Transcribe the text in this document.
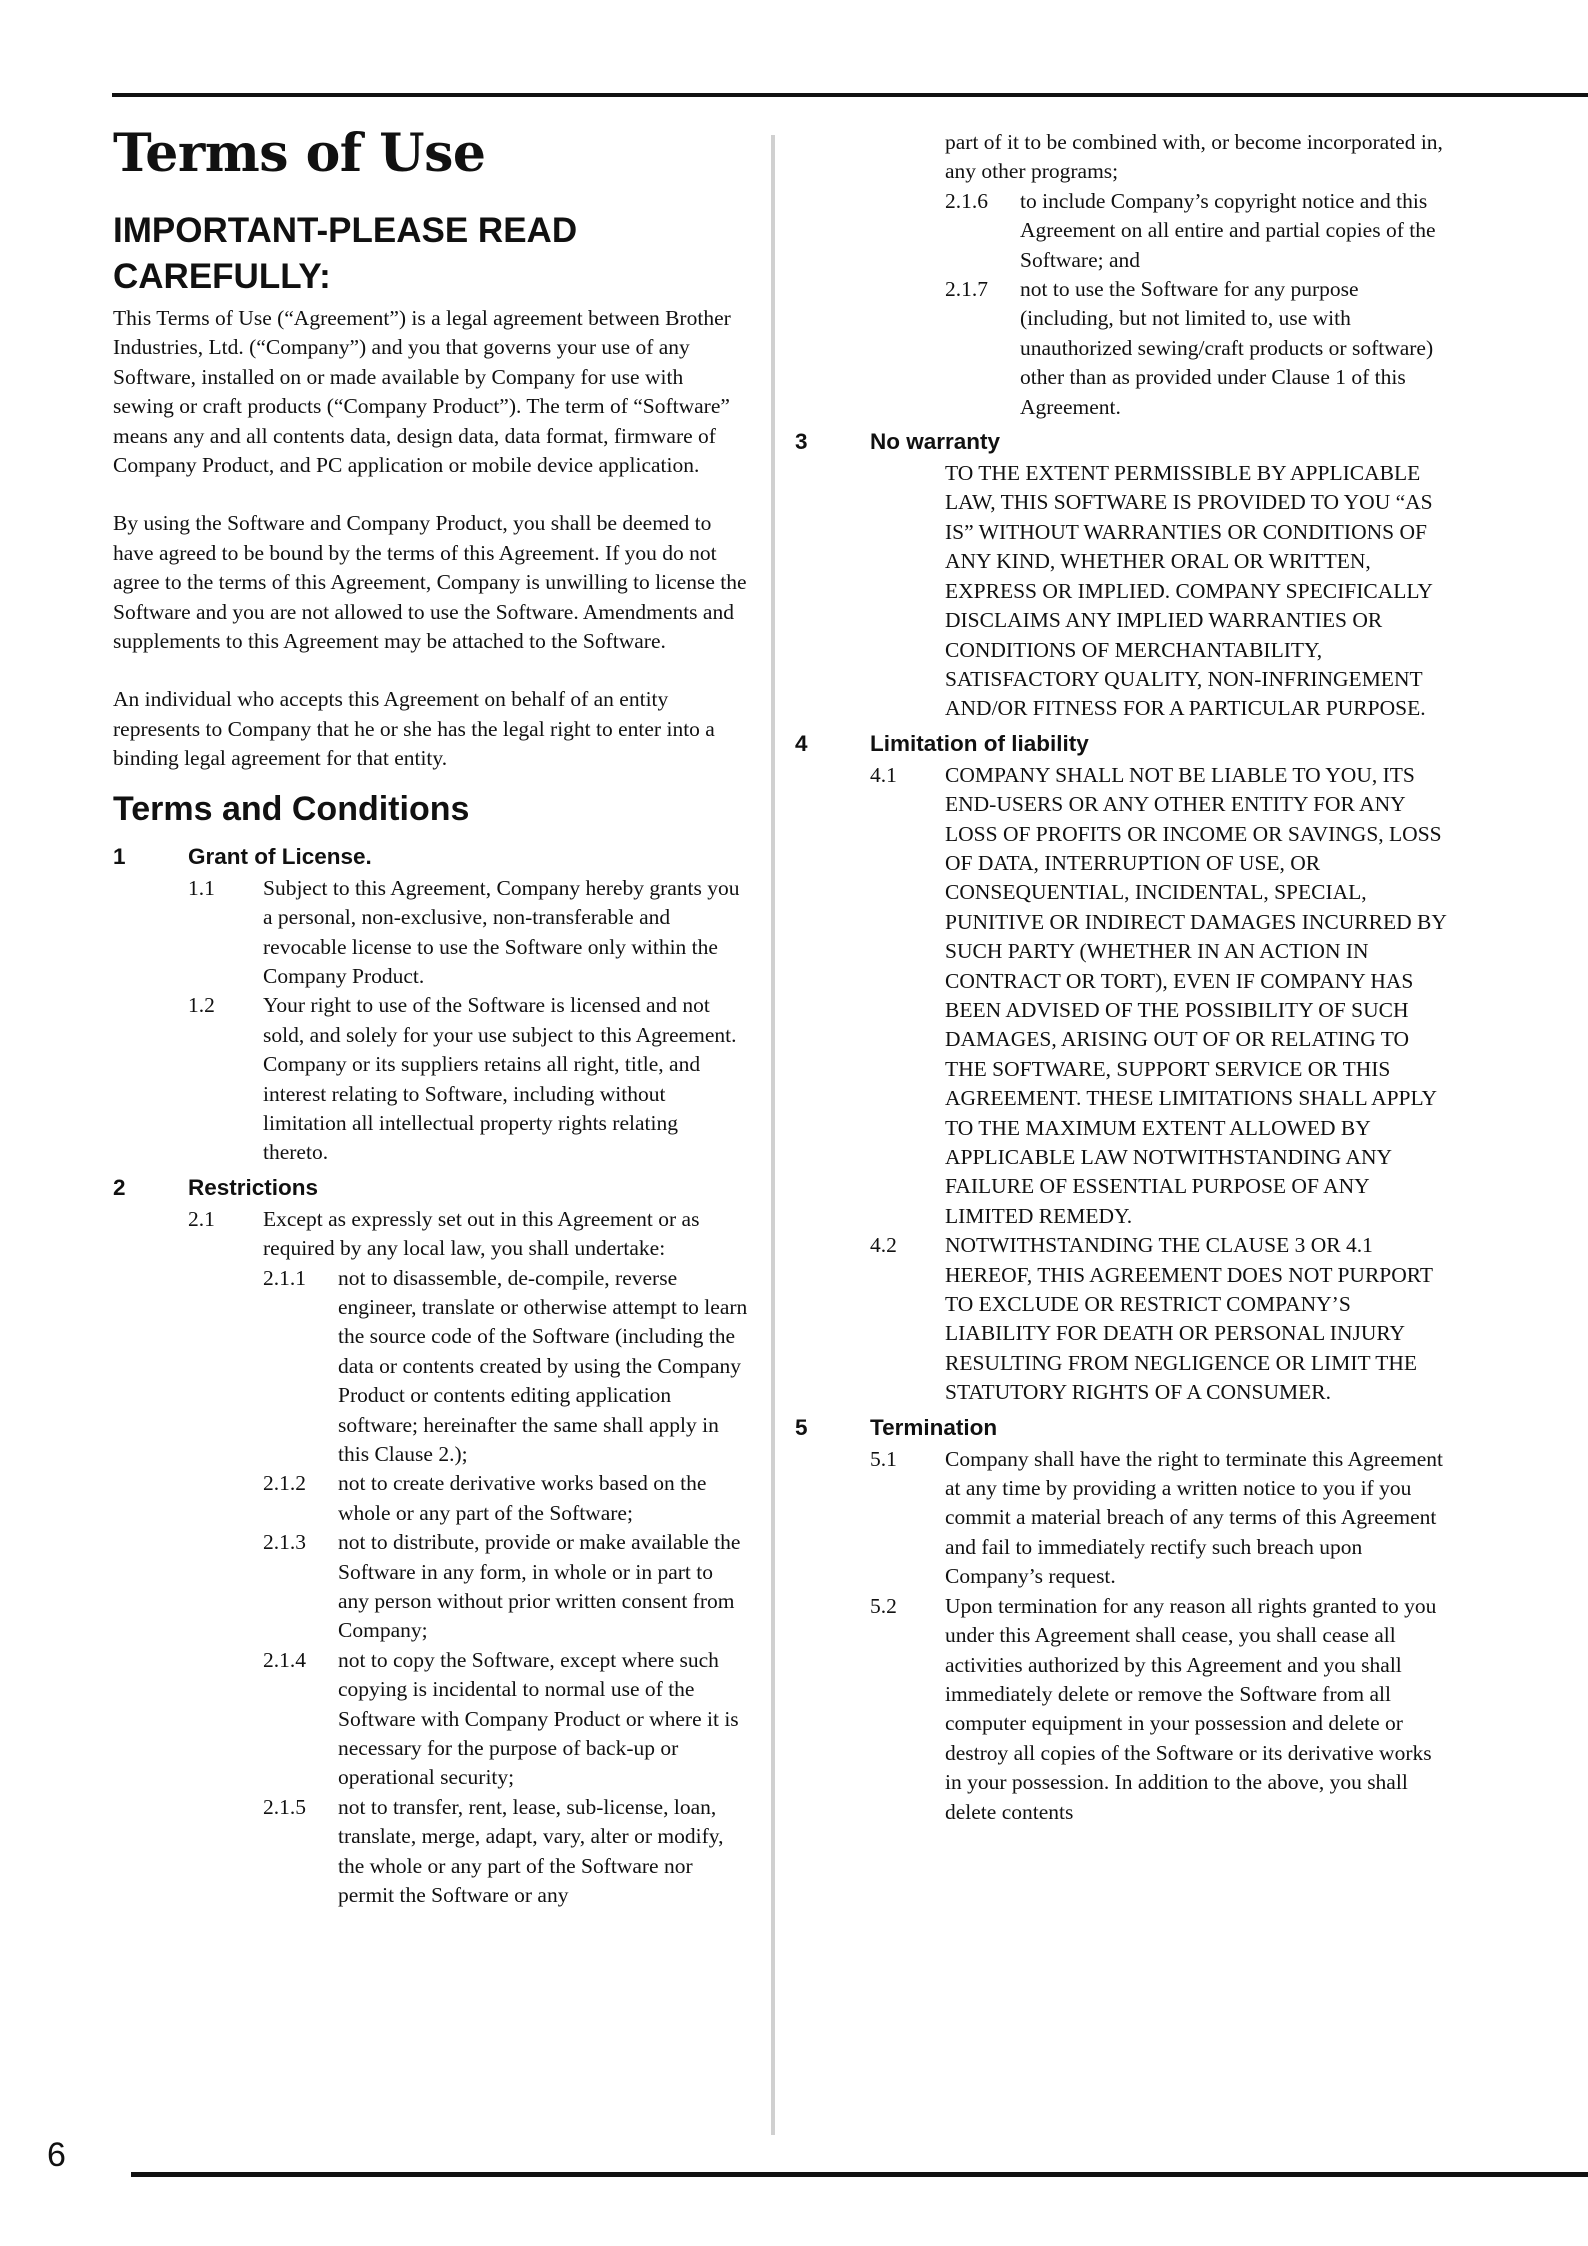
Terms of Use
IMPORTANT-PLEASE READ CAREFULLY:

This Terms of Use (“Agreement”) is a legal agreement between Brother Industries, Ltd. (“Company”) and you that governs your use of any Software, installed on or made available by Company for use with sewing or craft products (“Company Product”). The term of “Software” means any and all contents data, design data, data format, firmware of Company Product, and PC application or mobile device application.

By using the Software and Company Product, you shall be deemed to have agreed to be bound by the terms of this Agreement. If you do not agree to the terms of this Agreement, Company is unwilling to license the Software and you are not allowed to use the Software. Amendments and supplements to this Agreement may be attached to the Software.

An individual who accepts this Agreement on behalf of an entity represents to Company that he or she has the legal right to enter into a binding legal agreement for that entity.

Terms and Conditions
1	Grant of License.
1.1	Subject to this Agreement, Company hereby grants you a personal, non-exclusive, non-transferable and revocable license to use the Software only within the Company Product.
1.2	Your right to use of the Software is licensed and not sold, and solely for your use subject to this Agreement. Company or its suppliers retains all right, title, and interest relating to Software, including without limitation all intellectual property rights relating thereto.
2	Restrictions
2.1	Except as expressly set out in this Agreement or as required by any local law, you shall undertake:
2.1.1	not to disassemble, de-compile, reverse engineer, translate or otherwise attempt to learn the source code of the Software (including the data or contents created by using the Company Product or contents editing application software; hereinafter the same shall apply in this Clause 2.);
2.1.2	not to create derivative works based on the whole or any part of the Software;
2.1.3	not to distribute, provide or make available the Software in any form, in whole or in part to any person without prior written consent from Company;
2.1.4	not to copy the Software, except where such copying is incidental to normal use of the Software with Company Product or where it is necessary for the purpose of back-up or operational security;
2.1.5	not to transfer, rent, lease, sub-license, loan, translate, merge, adapt, vary, alter or modify, the whole or any part of the Software nor permit the Software or any
part of it to be combined with, or become incorporated in, any other programs;
2.1.6	to include Company’s copyright notice and this Agreement on all entire and partial copies of the Software; and
2.1.7	not to use the Software for any purpose (including, but not limited to, use with unauthorized sewing/craft products or software) other than as provided under Clause 1 of this Agreement.
3	No warranty
TO THE EXTENT PERMISSIBLE BY APPLICABLE LAW, THIS SOFTWARE IS PROVIDED TO YOU “AS IS” WITHOUT WARRANTIES OR CONDITIONS OF ANY KIND, WHETHER ORAL OR WRITTEN, EXPRESS OR IMPLIED. COMPANY SPECIFICALLY DISCLAIMS ANY IMPLIED WARRANTIES OR CONDITIONS OF MERCHANTABILITY, SATISFACTORY QUALITY, NON-INFRINGEMENT AND/OR FITNESS FOR A PARTICULAR PURPOSE.
4	Limitation of liability
4.1	COMPANY SHALL NOT BE LIABLE TO YOU, ITS END-USERS OR ANY OTHER ENTITY FOR ANY LOSS OF PROFITS OR INCOME OR SAVINGS, LOSS OF DATA, INTERRUPTION OF USE, OR CONSEQUENTIAL, INCIDENTAL, SPECIAL, PUNITIVE OR INDIRECT DAMAGES INCURRED BY SUCH PARTY (WHETHER IN AN ACTION IN CONTRACT OR TORT), EVEN IF COMPANY HAS BEEN ADVISED OF THE POSSIBILITY OF SUCH DAMAGES, ARISING OUT OF OR RELATING TO THE SOFTWARE, SUPPORT SERVICE OR THIS AGREEMENT. THESE LIMITATIONS SHALL APPLY TO THE MAXIMUM EXTENT ALLOWED BY APPLICABLE LAW NOTWITHSTANDING ANY FAILURE OF ESSENTIAL PURPOSE OF ANY LIMITED REMEDY.
4.2	NOTWITHSTANDING THE CLAUSE 3 OR 4.1 HEREOF, THIS AGREEMENT DOES NOT PURPORT TO EXCLUDE OR RESTRICT COMPANY’S LIABILITY FOR DEATH OR PERSONAL INJURY RESULTING FROM NEGLIGENCE OR LIMIT THE STATUTORY RIGHTS OF A CONSUMER.
5	Termination
5.1	Company shall have the right to terminate this Agreement at any time by providing a written notice to you if you commit a material breach of any terms of this Agreement and fail to immediately rectify such breach upon Company’s request.
5.2	Upon termination for any reason all rights granted to you under this Agreement shall cease, you shall cease all activities authorized by this Agreement and you shall immediately delete or remove the Software from all computer equipment in your possession and delete or destroy all copies of the Software or its derivative works in your possession. In addition to the above, you shall delete contents
6
